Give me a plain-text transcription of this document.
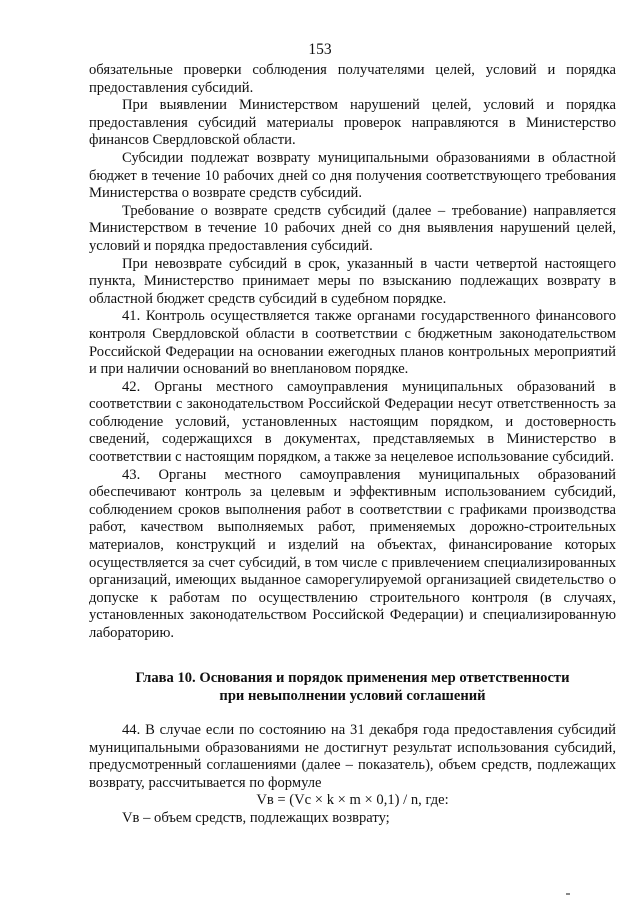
153

обязательные проверки соблюдения получателями целей, условий и порядка предоставления субсидий.

При выявлении Министерством нарушений целей, условий и порядка предоставления субсидий материалы проверок направляются в Министерство финансов Свердловской области.

Субсидии подлежат возврату муниципальными образованиями в областной бюджет в течение 10 рабочих дней со дня получения соответствующего требования Министерства о возврате средств субсидий.

Требование о возврате средств субсидий (далее – требование) направляется Министерством в течение 10 рабочих дней со дня выявления нарушений целей, условий и порядка предоставления субсидий.

При невозврате субсидий в срок, указанный в части четвертой настоящего пункта, Министерство принимает меры по взысканию подлежащих возврату в областной бюджет средств субсидий в судебном порядке.

41. Контроль осуществляется также органами государственного финансового контроля Свердловской области в соответствии с бюджетным законодательством Российской Федерации на основании ежегодных планов контрольных мероприятий и при наличии оснований во внеплановом порядке.

42. Органы местного самоуправления муниципальных образований в соответствии с законодательством Российской Федерации несут ответственность за соблюдение условий, установленных настоящим порядком, и достоверность сведений, содержащихся в документах, представляемых в Министерство в соответствии с настоящим порядком, а также за нецелевое использование субсидий.

43. Органы местного самоуправления муниципальных образований обеспечивают контроль за целевым и эффективным использованием субсидий, соблюдением сроков выполнения работ в соответствии с графиками производства работ, качеством выполняемых работ, применяемых дорожно-строительных материалов, конструкций и изделий на объектах, финансирование которых осуществляется за счет субсидий, в том числе с привлечением специализированных организаций, имеющих выданное саморегулируемой организацией свидетельство о допуске к работам по осуществлению строительного контроля (в случаях, установленных законодательством Российской Федерации) и специализированную лабораторию.

Глава 10. Основания и порядок применения мер ответственности
при невыполнении условий соглашений

44. В случае если по состоянию на 31 декабря года предоставления субсидий муниципальными образованиями не достигнут результат использования субсидий, предусмотренный соглашениями (далее – показатель), объем средств, подлежащих возврату, рассчитывается по формуле

Vв = (Vс × k × m × 0,1) / n, где:
Vв – объем средств, подлежащих возврату;
